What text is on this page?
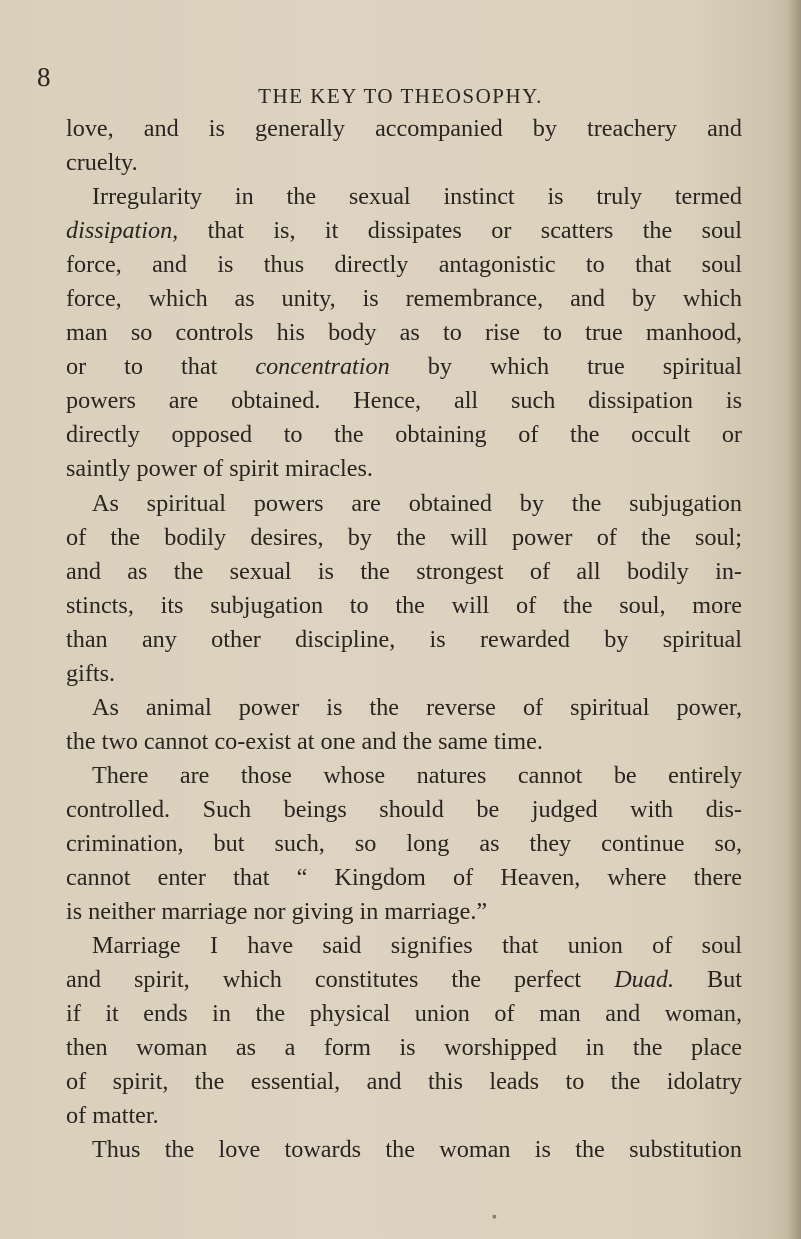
8
THE KEY TO THEOSOPHY.
love, and is generally accompanied by treachery and
cruelty.
Irregularity in the sexual instinct is truly termed
dissipation, that is, it dissipates or scatters the soul
force, and is thus directly antagonistic to that soul
force, which as unity, is remembrance, and by which
man so controls his body as to rise to true manhood,
or to that concentration by which true spiritual
powers are obtained. Hence, all such dissipation is
directly opposed to the obtaining of the occult or
saintly power of spirit miracles.
As spiritual powers are obtained by the subjugation
of the bodily desires, by the will power of the soul;
and as the sexual is the strongest of all bodily in-
stincts, its subjugation to the will of the soul, more
than any other discipline, is rewarded by spiritual
gifts.
As animal power is the reverse of spiritual power,
the two cannot co-exist at one and the same time.
There are those whose natures cannot be entirely
controlled. Such beings should be judged with dis-
crimination, but such, so long as they continue so,
cannot enter that “ Kingdom of Heaven, where there
is neither marriage nor giving in marriage.”
Marriage I have said signifies that union of soul
and spirit, which constitutes the perfect Duad. But
if it ends in the physical union of man and woman,
then woman as a form is worshipped in the place
of spirit, the essential, and this leads to the idolatry
of matter.
Thus the love towards the woman is the substitution
▪
